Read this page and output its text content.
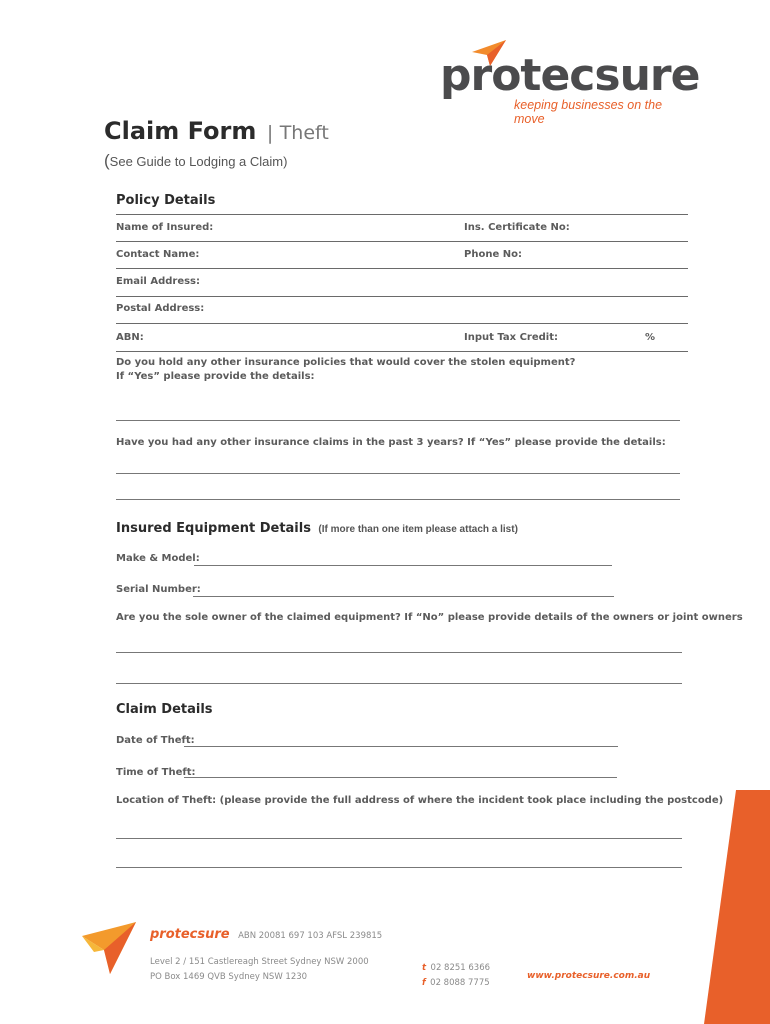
protecsure
keeping businesses on the move
Claim Form | Theft
(See Guide to Lodging a Claim)
Policy Details
Name of Insured:	Ins. Certificate No:
Contact Name:	Phone No:
Email Address:
Postal Address:
ABN:	Input Tax Credit:	%
Do you hold any other insurance policies that would cover the stolen equipment?
If “Yes” please provide the details:
Have you had any other insurance claims in the past 3 years? If “Yes” please provide the details:
Insured Equipment Details (If more than one item please attach a list)
Make & Model:
Serial Number:
Are you the sole owner of the claimed equipment? If “No” please provide details of the owners or joint owners
Claim Details
Date of Theft:
Time of Theft:
Location of Theft: (please provide the full address of where the incident took place including the postcode)
protecsure ABN 20081 697 103 AFSL 239815
Level 2 / 151 Castlereagh Street Sydney NSW 2000
PO Box 1469 QVB Sydney NSW 1230
t 02 8251 6366
f 02 8088 7775
www.protecsure.com.au
